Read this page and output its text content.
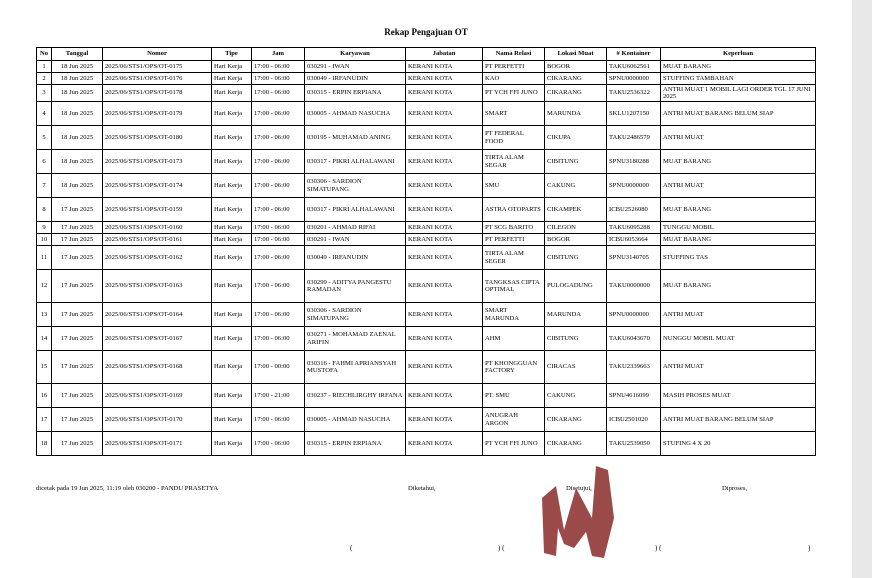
Rekap Pengajuan OT
No	Tanggal	Nomor	Tipe	Jam	Karyawan	Jabatan	Nama Relasi	Lokasi Muat	# Kontainer	Keperluan
1	18 Jun 2025	2025/06/STS1/OPS/OT-0175	Hari Kerja	17:00 - 06:00	030291 - IWAN	KERANI KOTA	PT PERFETTI	BOGOR	TAKU6062561	MUAT BARANG
2	18 Jun 2025	2025/06/STS1/OPS/OT-0176	Hari Kerja	17:00 - 06:00	030049 - IRFANUDIN	KERANI KOTA	KAO	CIKARANG	SPNU0000000	STUFFING TAMBAHAN
3	18 Jun 2025	2025/06/STS1/OPS/OT-0178	Hari Kerja	17:00 - 06:00	030315 - ERPIN ERPIANA	KERANI KOTA	PT YCH FFI JUNO	CIKARANG	TAKU2536322	ANTRI MUAT 1 MOBIL LAGI ORDER TGL 17 JUNI 2025
4	18 Jun 2025	2025/06/STS1/OPS/OT-0179	Hari Kerja	17:00 - 06:00	030005 - AHMAD NASUCHA	KERANI KOTA	SMART	MARUNDA	SKLU1207150	ANTRI MUAT BARANG BELUM SIAP
5	18 Jun 2025	2025/06/STS1/OPS/OT-0180	Hari Kerja	17:00 - 06:00	030195 - MUHAMAD ANING	KERANI KOTA	PT FEDERAL FOOD	CIKUPA	TAKU2486579	ANTRI MUAT
6	18 Jun 2025	2025/06/STS1/OPS/OT-0173	Hari Kerja	17:00 - 06:00	030317 - PIKRI ALHALAWANI	KERANI KOTA	TIRTA ALAM SEGAR	CIBITUNG	SPNU3180288	MUAT BARANG
7	18 Jun 2025	2025/06/STS1/OPS/OT-0174	Hari Kerja	17:00 - 06:00	030306 - SARDION SIMATUPANG	KERANI KOTA	SMU	CAKUNG	SPNU0000000	ANTRI MUAT
8	17 Jun 2025	2025/06/STS1/OPS/OT-0159	Hari Kerja	17:00 - 06:00	030317 - PIKRI ALHALAWANI	KERANI KOTA	ASTRA OTOPARTS	CIKAMPEK	ICBU2526080	MUAT BARANG
9	17 Jun 2025	2025/06/STS1/OPS/OT-0160	Hari Kerja	17:00 - 06:00	030201 - AHMAD RIFAI	KERANI KOTA	PT SCG BARITO	CILEGON	TAKU6095288	TUNGGU MOBIL
10	17 Jun 2025	2025/06/STS1/OPS/OT-0161	Hari Kerja	17:00 - 06:00	030291 - IWAN	KERANI KOTA	PT PERFETTI	BOGOR	ICBU6053664	MUAT BARANG
11	17 Jun 2025	2025/06/STS1/OPS/OT-0162	Hari Kerja	17:00 - 06:00	030049 - IRFANUDIN	KERANI KOTA	TIRTA ALAM SEGER	CIBITUNG	SPNU3140705	STUFFING TAS
12	17 Jun 2025	2025/06/STS1/OPS/OT-0163	Hari Kerja	17:00 - 06:00	030299 - ADITYA PANGESTU RAMADAN	KERANI KOTA	TANGKSAS CIPTA OPTIMAL	PULOGADUNG	TAKU0000000	MUAT BARANG
13	17 Jun 2025	2025/06/STS1/OPS/OT-0164	Hari Kerja	17:00 - 06:00	030306 - SARDION SIMATUPANG	KERANI KOTA	SMART MARUNDA	MARUNDA	SPNU0000000	ANTRI MUAT
14	17 Jun 2025	2025/06/STS1/OPS/OT-0167	Hari Kerja	17:00 - 06:00	030271 - MOHAMAD ZAENAL ARIFIN	KERANI KOTA	AHM	CIBITUNG	TAKU6043670	NUNGGU MOBIL MUAT
15	17 Jun 2025	2025/06/STS1/OPS/OT-0168	Hari Kerja	17:00 - 00:00	030316 - FAHMI APRIANSYAH MUSTOFA	KERANI KOTA	PT KHONGGUAN FACTORY	CIRACAS	TAKU2339663	ANTRI MUAT
16	17 Jun 2025	2025/06/STS1/OPS/OT-0169	Hari Kerja	17:00 - 21:00	030237 - RIECHLIRGHY IRFANA	KERANI KOTA	PT. SMU	CAKUNG	SPNU4616099	MASIH PROSES MUAT
17	17 Jun 2025	2025/06/STS1/OPS/OT-0170	Hari Kerja	17:00 - 06:00	030005 - AHMAD NASUCHA	KERANI KOTA	ANUGRAH ARGON	CIKARANG	ICBU2501020	ANTRI MUAT BARANG BELUM SIAP
18	17 Jun 2025	2025/06/STS1/OPS/OT-0171	Hari Kerja	17:00 - 06:00	030315 - ERPIN ERPIANA	KERANI KOTA	PT YCH FFI JUNO	CIKARANG	TAKU2539050	STUFING 4 X 20
dicetak pada 19 Jun 2025, 11:19 oleh 030200 - PANDU PRASETYA	Diketahui,	Disetujui,	Diproses,
(	) (	) (	)
